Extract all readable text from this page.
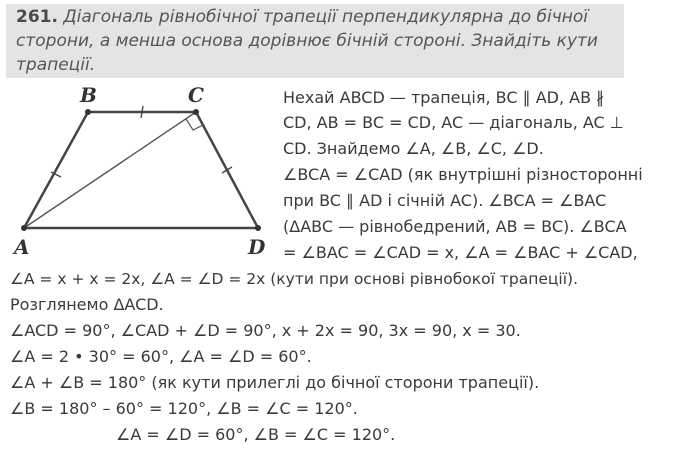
261. Діагональ рівнобічної трапеції перпендикулярна до бічної
сторони, а менша основа дорівнює бічній стороні. Знайдіть кути
трапеції.
A
B	C
D
Нехай ABCD — трапеція, BC ∥ AD, AB ∦
CD, AB = BC = CD, AC — діагональ, AC ⊥
CD. Знайдемо ∠A, ∠B, ∠C, ∠D.
∠BCA = ∠CAD (як внутрішні різносторонні
при BC ∥ AD і січній AC). ∠BCA = ∠BAC
(ΔABC — рівнобедрений, AB = BC). ∠BCA
= ∠BAC = ∠CAD = x, ∠A = ∠BAC + ∠CAD,
∠A = x + x = 2x, ∠A = ∠D = 2x (кути при основі рівнобокої трапеції).
Розглянемо ΔACD.
∠ACD = 90°, ∠CAD + ∠D = 90°, x + 2x = 90, 3x = 90, x = 30.
∠A = 2 • 30° = 60°, ∠A = ∠D = 60°.
∠A + ∠B = 180° (як кути прилеглі до бічної сторони трапеції).
∠B = 180° – 60° = 120°, ∠B = ∠C = 120°.
∠A = ∠D = 60°, ∠B = ∠C = 120°.
